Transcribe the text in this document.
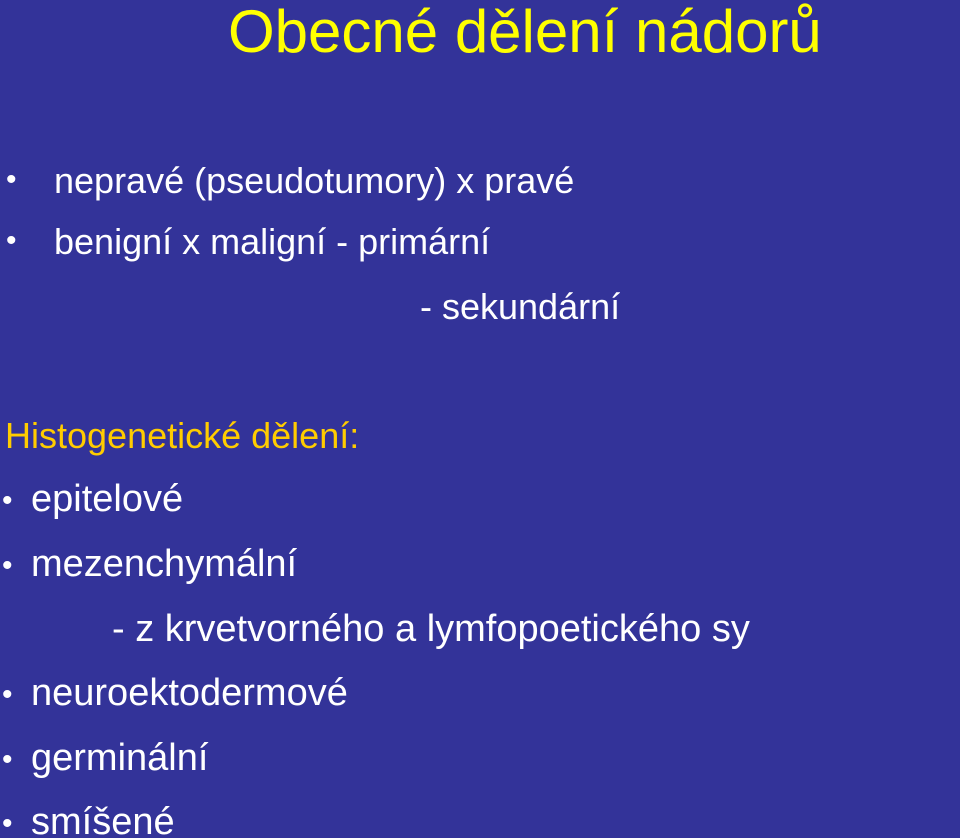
Obecné dělení nádorů
• nepravé (pseudotumory) x pravé
• benigní x maligní - primární
- sekundární
Histogenetické dělení:
• epitelové
• mezenchymální
- z krvetvorného a lymfopoetického sy
• neuroektodermové
• germinální
• smíšené
